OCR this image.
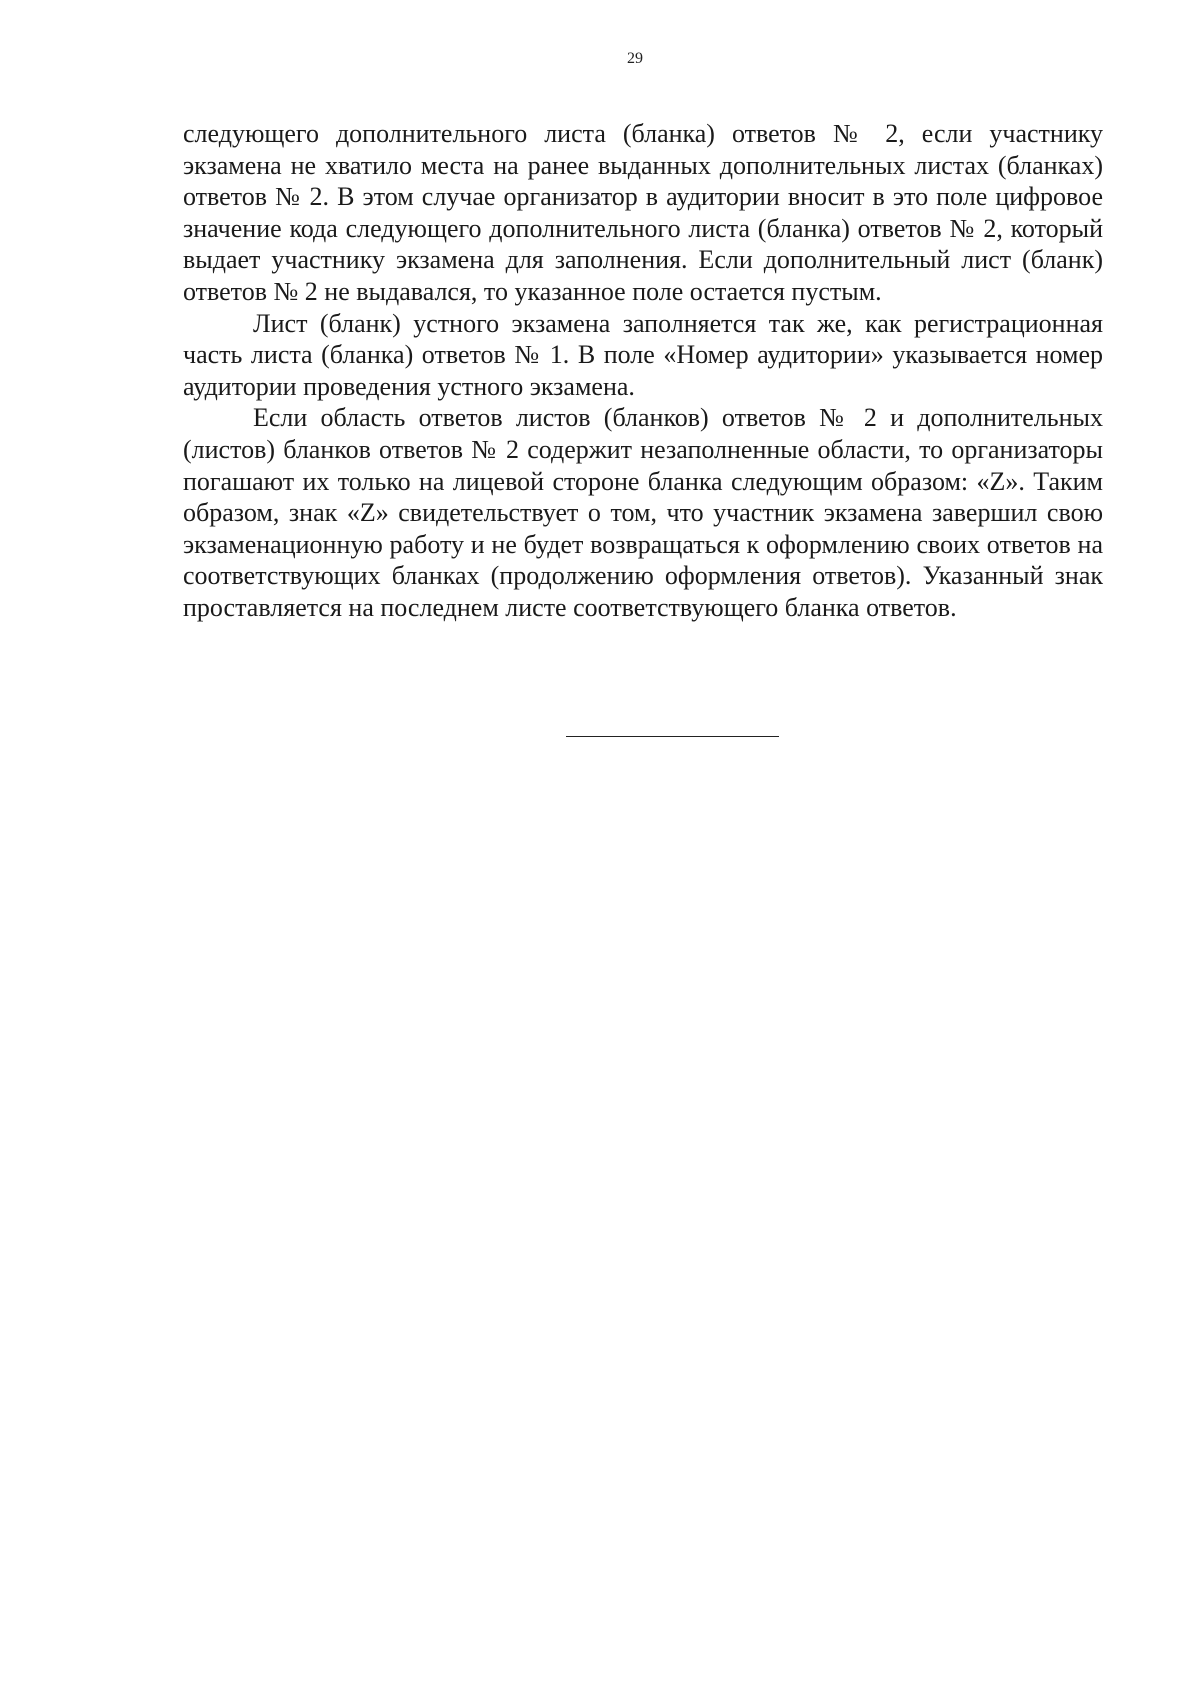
29

следующего дополнительного листа (бланка) ответов № 2, если участнику экзамена не хватило места на ранее выданных дополнительных листах (бланках) ответов № 2. В этом случае организатор в аудитории вносит в это поле цифровое значение кода следующего дополнительного листа (бланка) ответов № 2, который выдает участнику экзамена для заполнения. Если дополнительный лист (бланк) ответов № 2 не выдавался, то указанное поле остается пустым.

Лист (бланк) устного экзамена заполняется так же, как регистрационная часть листа (бланка) ответов № 1. В поле «Номер аудитории» указывается номер аудитории проведения устного экзамена.

Если область ответов листов (бланков) ответов № 2 и дополнительных (листов) бланков ответов № 2 содержит незаполненные области, то организаторы погашают их только на лицевой стороне бланка следующим образом: «Z». Таким образом, знак «Z» свидетельствует о том, что участник экзамена завершил свою экзаменационную работу и не будет возвращаться к оформлению своих ответов на соответствующих бланках (продолжению оформления ответов). Указанный знак проставляется на последнем листе соответствующего бланка ответов.
